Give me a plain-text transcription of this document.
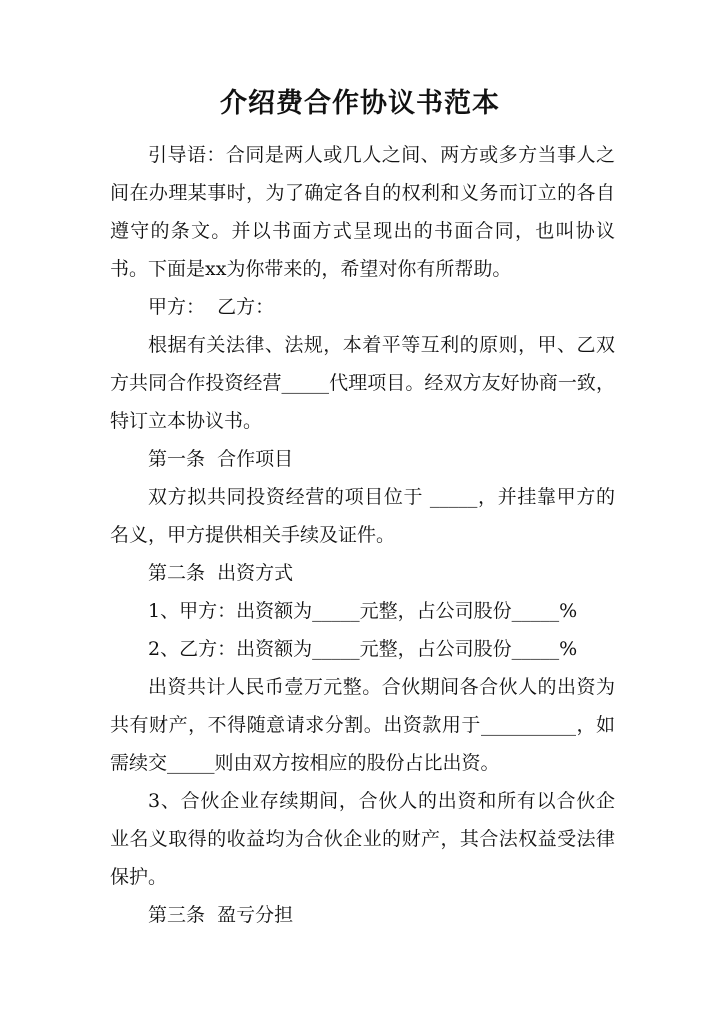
介绍费合作协议书范本

引导语：合同是两人或几人之间、两方或多方当事人之间在办理某事时，为了确定各自的权利和义务而订立的各自遵守的条文。并以书面方式呈现出的书面合同，也叫协议书。下面是xx为你带来的，希望对你有所帮助。

甲方：  乙方：

根据有关法律、法规，本着平等互利的原则，甲、乙双方共同合作投资经营_____代理项目。经双方友好协商一致，特订立本协议书。

第一条  合作项目

双方拟共同投资经营的项目位于 _____，并挂靠甲方的名义，甲方提供相关手续及证件。

第二条  出资方式

1、甲方：出资额为_____元整，占公司股份_____%

2、乙方：出资额为_____元整，占公司股份_____%

出资共计人民币壹万元整。合伙期间各合伙人的出资为共有财产，不得随意请求分割。出资款用于__________，如需续交_____则由双方按相应的股份占比出资。

3、合伙企业存续期间，合伙人的出资和所有以合伙企业名义取得的收益均为合伙企业的财产，其合法权益受法律保护。

第三条  盈亏分担
